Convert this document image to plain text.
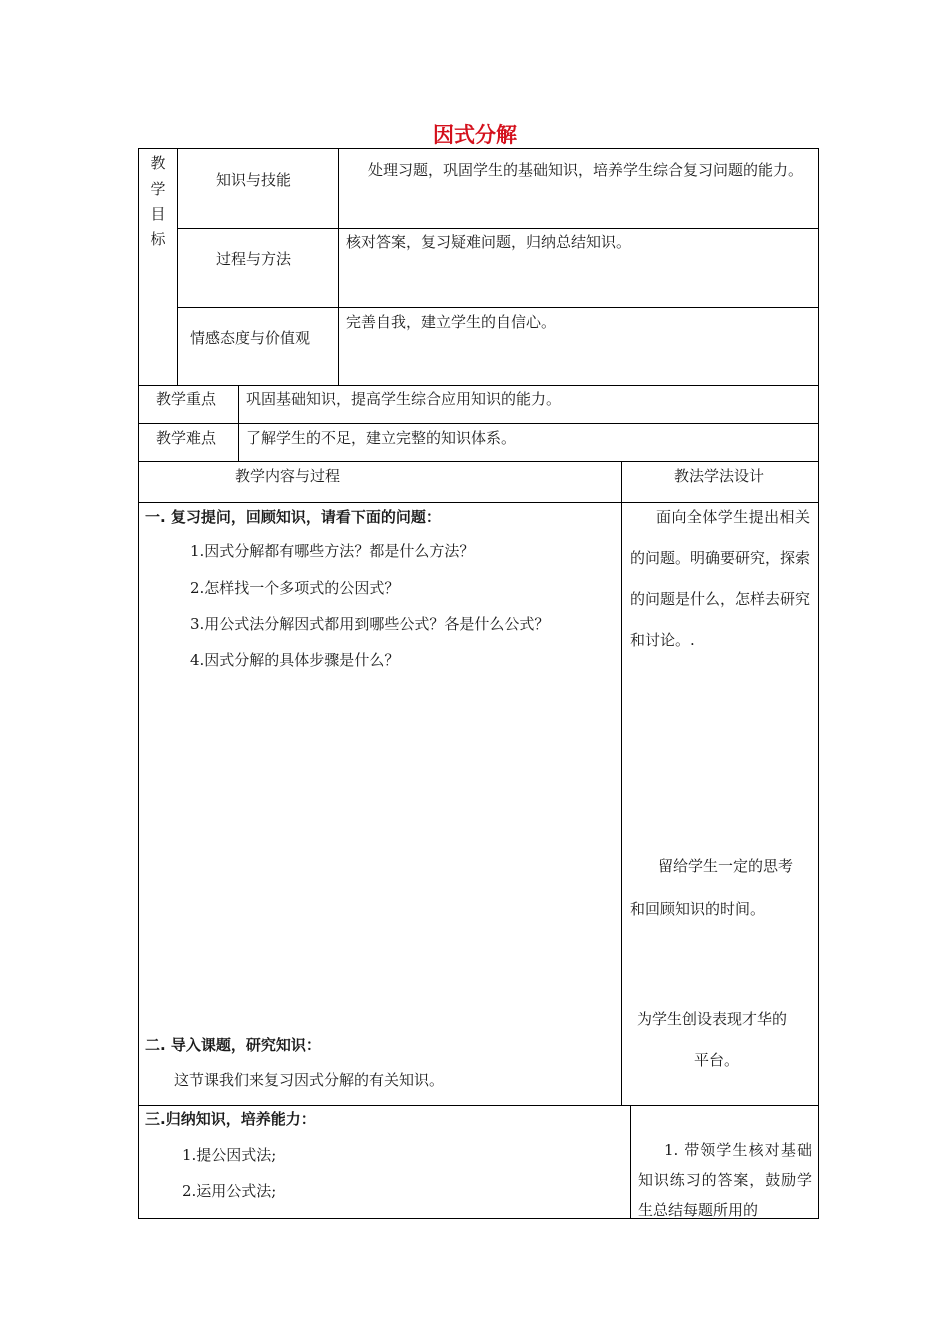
因式分解
教
学
目
标
知识与技能
处理习题，巩固学生的基础知识，培养学生综合复习问题的能力。
过程与方法
核对答案，复习疑难问题，归纳总结知识。
情感态度与价值观
完善自我，建立学生的自信心。
教学重点 巩固基础知识，提高学生综合应用知识的能力。
教学难点 了解学生的不足，建立完整的知识体系。
教学内容与过程	教法学法设计
一. 复习提问，回顾知识，请看下面的问题：
1.因式分解都有哪些方法？都是什么方法？
2.怎样找一个多项式的公因式？
3.用公式法分解因式都用到哪些公式？各是什么公式？
4.因式分解的具体步骤是什么？
二. 导入课题，研究知识：
这节课我们来复习因式分解的有关知识。
三.归纳知识，培养能力：
1.提公因式法;
2.运用公式法;
面向全体学生提出相关的问题。明确要研究，探索的问题是什么，怎样去研究和讨论。.
留给学生一定的思考
和回顾知识的时间。
为学生创设表现才华的
平台。
1. 带领学生核对基础知识练习的答案，鼓励学生总结每题所用的
